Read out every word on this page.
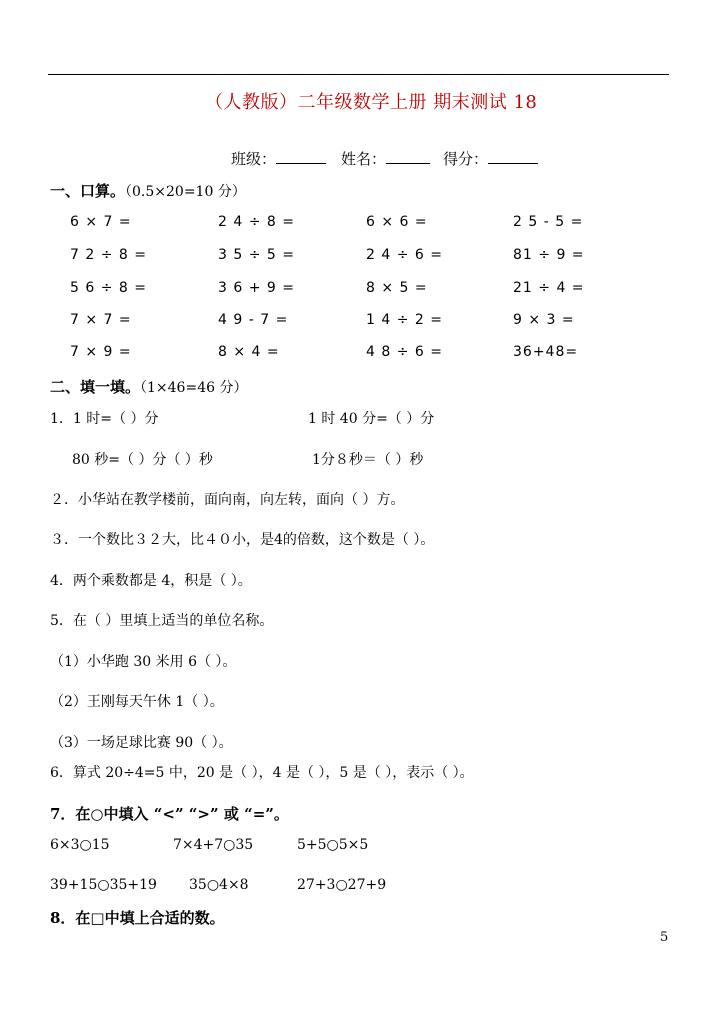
（人教版）二年级数学上册 期末测试 18
班级：	姓名：	得分：
一、口算。（0.5×20=10 分）
6 × 7 =	2 4 ÷ 8 =	6 × 6 =	2 5 - 5 =
7 2 ÷ 8 =	3 5 ÷ 5 =	2 4 ÷ 6 =	81 ÷ 9 =
5 6 ÷ 8 =	3 6 + 9 =	8 × 5 =	21 ÷ 4 =
7 × 7 =	4 9 - 7 =	1 4 ÷ 2 =	9 × 3 =
7 × 9 =	8 × 4 =	4 8 ÷ 6 =	36+48=
二、填一填。（1×46=46 分）
1．1 时=（ ）分	1 时 40 分=（ ）分
80 秒=（ ）分（ ）秒	1分８秒＝（ ）秒
２．小华站在教学楼前，面向南，向左转，面向（ ）方。
３．一个数比３２大，比４０小，是4的倍数，这个数是（ ）。
4．两个乘数都是 4，积是（ ）。
5．在（ ）里填上适当的单位名称。
（1）小华跑 30 米用 6（ ）。
（2）王刚每天午休 1（ ）。
（3）一场足球比赛 90（ ）。
6．算式 20÷4=5 中，20 是（ ），4 是（ ），5 是（ ），表示（ ）。
7．在○中填入 “<” “>” 或 “=”。
6×3○15	7×4+7○35	5+5○5×5
39+15○35+19 35○4×8	27+3○27+9
8．在□中填上合适的数。
5
